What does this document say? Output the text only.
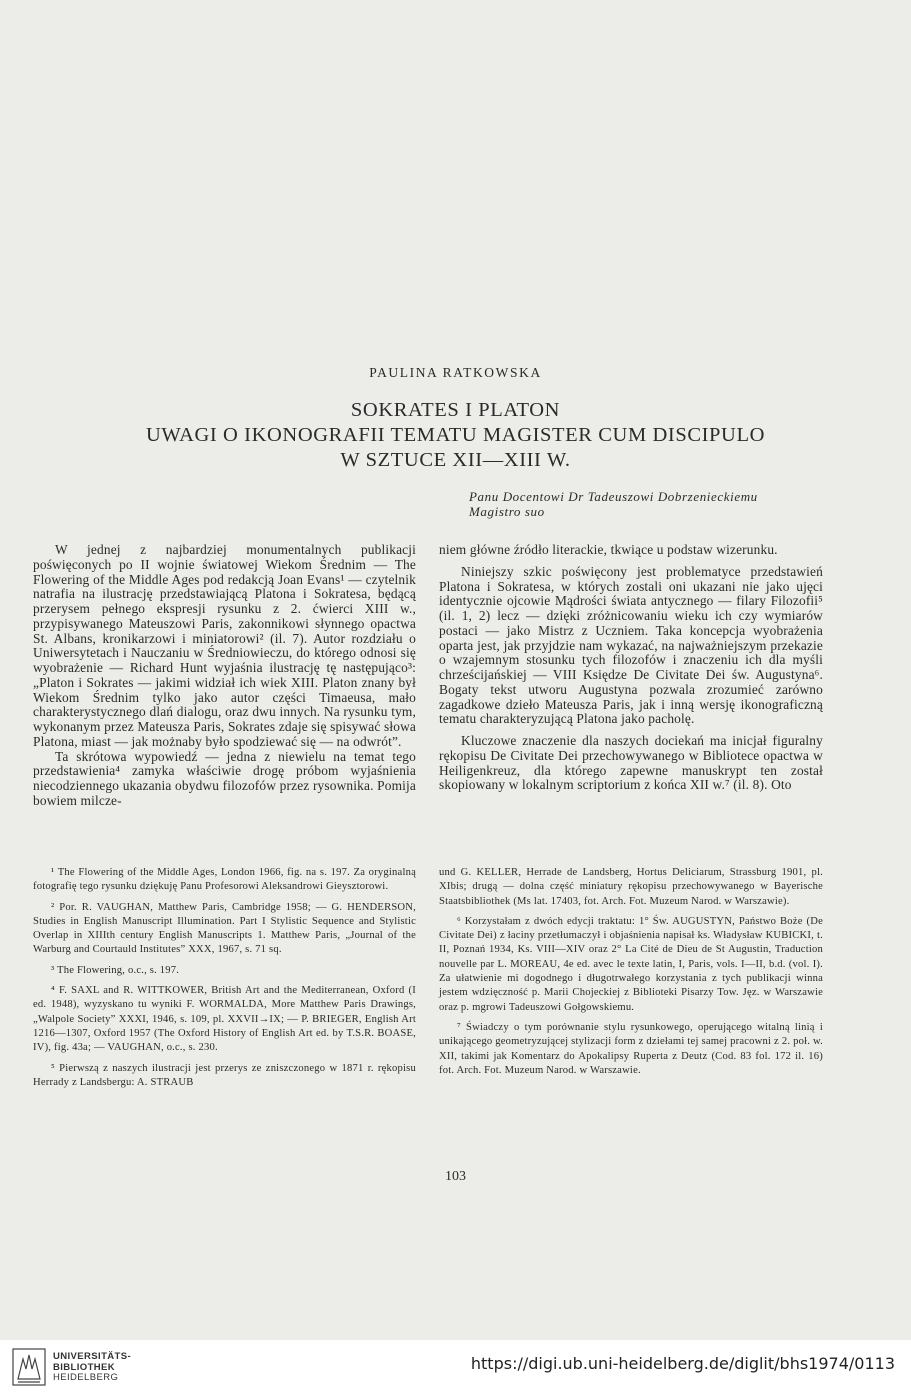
PAULINA RATKOWSKA
SOKRATES I PLATON
UWAGI O IKONOGRAFII TEMATU MAGISTER CUM DISCIPULO
W SZTUCE XII—XIII W.
Panu Docentowi Dr Tadeuszowi Dobrzenieckiemu
Magistro suo

W jednej z najbardziej monumentalnych publikacji poświęconych po II wojnie światowej Wiekom Średnim — The Flowering of the Middle Ages pod redakcją Joan Evans¹ — czytelnik natrafia na ilustrację przedstawiającą Platona i Sokratesa, będącą przerysem pełnego ekspresji rysunku z 2. ćwierci XIII w., przypisywanego Mateuszowi Paris, zakonnikowi słynnego opactwa St. Albans, kronikarzowi i miniatorowi² (il. 7). Autor rozdziału o Uniwersytetach i Nauczaniu w Średniowieczu, do którego odnosi się wyobrażenie — Richard Hunt wyjaśnia ilustrację tę następująco³: „Platon i Sokrates — jakimi widział ich wiek XIII. Platon znany był Wiekom Średnim tylko jako autor części Timaeusa, mało charakterystycznego dlań dialogu, oraz dwu innych. Na rysunku tym, wykonanym przez Mateusza Paris, Sokrates zdaje się spisywać słowa Platona, miast — jak możnaby było spodziewać się — na odwrót”.

Ta skrótowa wypowiedź — jedna z niewielu na temat tego przedstawienia⁴ zamyka właściwie drogę próbom wyjaśnienia niecodziennego ukazania obydwu filozofów przez rysownika. Pomija bowiem milcze-

niem główne źródło literackie, tkwiące u podstaw wizerunku.

Niniejszy szkic poświęcony jest problematyce przedstawień Platona i Sokratesa, w których zostali oni ukazani nie jako ujęci identycznie ojcowie Mądrości świata antycznego — filary Filozofii⁵ (il. 1, 2) lecz — dzięki zróżnicowaniu wieku ich czy wymiarów postaci — jako Mistrz z Uczniem. Taka koncepcja wyobrażenia oparta jest, jak przyjdzie nam wykazać, na najważniejszym przekazie o wzajemnym stosunku tych filozofów i znaczeniu ich dla myśli chrześcijańskiej — VIII Księdze De Civitate Dei św. Augustyna⁶. Bogaty tekst utworu Augustyna pozwala zrozumieć zarówno zagadkowe dzieło Mateusza Paris, jak i inną wersję ikonograficzną tematu charakteryzującą Platona jako pacholę.

Kluczowe znaczenie dla naszych dociekań ma inicjał figuralny rękopisu De Civitate Dei przechowywanego w Bibliotece opactwa w Heiligenkreuz, dla którego zapewne manuskrypt ten został skopiowany w lokalnym scriptorium z końca XII w.⁷ (il. 8). Oto

¹ The Flowering of the Middle Ages, London 1966, fig. na s. 197. Za oryginalną fotografię tego rysunku dziękuję Panu Profesorowi Aleksandrowi Gieysztorowi.

² Por. R. VAUGHAN, Matthew Paris, Cambridge 1958; — G. HENDERSON, Studies in English Manuscript Illumination. Part I Stylistic Sequence and Stylistic Overlap in XIIIth century English Manuscripts 1. Matthew Paris, „Journal of the Warburg and Courtauld Institutes” XXX, 1967, s. 71 sq.

³ The Flowering, o.c., s. 197.

⁴ F. SAXL and R. WITTKOWER, British Art and the Mediterranean, Oxford (I ed. 1948), wyzyskano tu wyniki F. WORMALDA, More Matthew Paris Drawings, „Walpole Society” XXXI, 1946, s. 109, pl. XXVII→IX; — P. BRIEGER, English Art 1216—1307, Oxford 1957 (The Oxford History of English Art ed. by T.S.R. BOASE, IV), fig. 43a; — VAUGHAN, o.c., s. 230.

⁵ Pierwszą z naszych ilustracji jest przerys ze zniszczonego w 1871 r. rękopisu Herrady z Landsbergu: A. STRAUB

und G. KELLER, Herrade de Landsberg, Hortus Deliciarum, Strassburg 1901, pl. XIbis; drugą — dolna część miniatury rękopisu przechowywanego w Bayerische Staatsbibliothek (Ms lat. 17403, fot. Arch. Fot. Muzeum Narod. w Warszawie).

⁶ Korzystałam z dwóch edycji traktatu: 1° Św. AUGUSTYN, Państwo Boże (De Civitate Dei) z łaciny przetłumaczył i objaśnienia napisał ks. Władysław KUBICKI, t. II, Poznań 1934, Ks. VIII—XIV oraz 2° La Cité de Dieu de St Augustin, Traduction nouvelle par L. MOREAU, 4e ed. avec le texte latin, I, Paris, vols. I—II, b.d. (vol. I). Za ułatwienie mi dogodnego i długotrwałego korzystania z tych publikacji winna jestem wdzięczność p. Marii Chojeckiej z Biblioteki Pisarzy Tow. Jęz. w Warszawie oraz p. mgrowi Tadeuszowi Gołgowskiemu.

⁷ Świadczy o tym porównanie stylu rysunkowego, operującego witalną linią i unikającego geometryzującej stylizacji form z dziełami tej samej pracowni z 2. poł. w. XII, takimi jak Komentarz do Apokalipsy Ruperta z Deutz (Cod. 83 fol. 172 il. 16) fot. Arch. Fot. Muzeum Narod. w Warszawie.

103
UNIVERSITÄTS-
BIBLIOTHEK
HEIDELBERG
https://digi.ub.uni-heidelberg.de/diglit/bhs1974/0113
